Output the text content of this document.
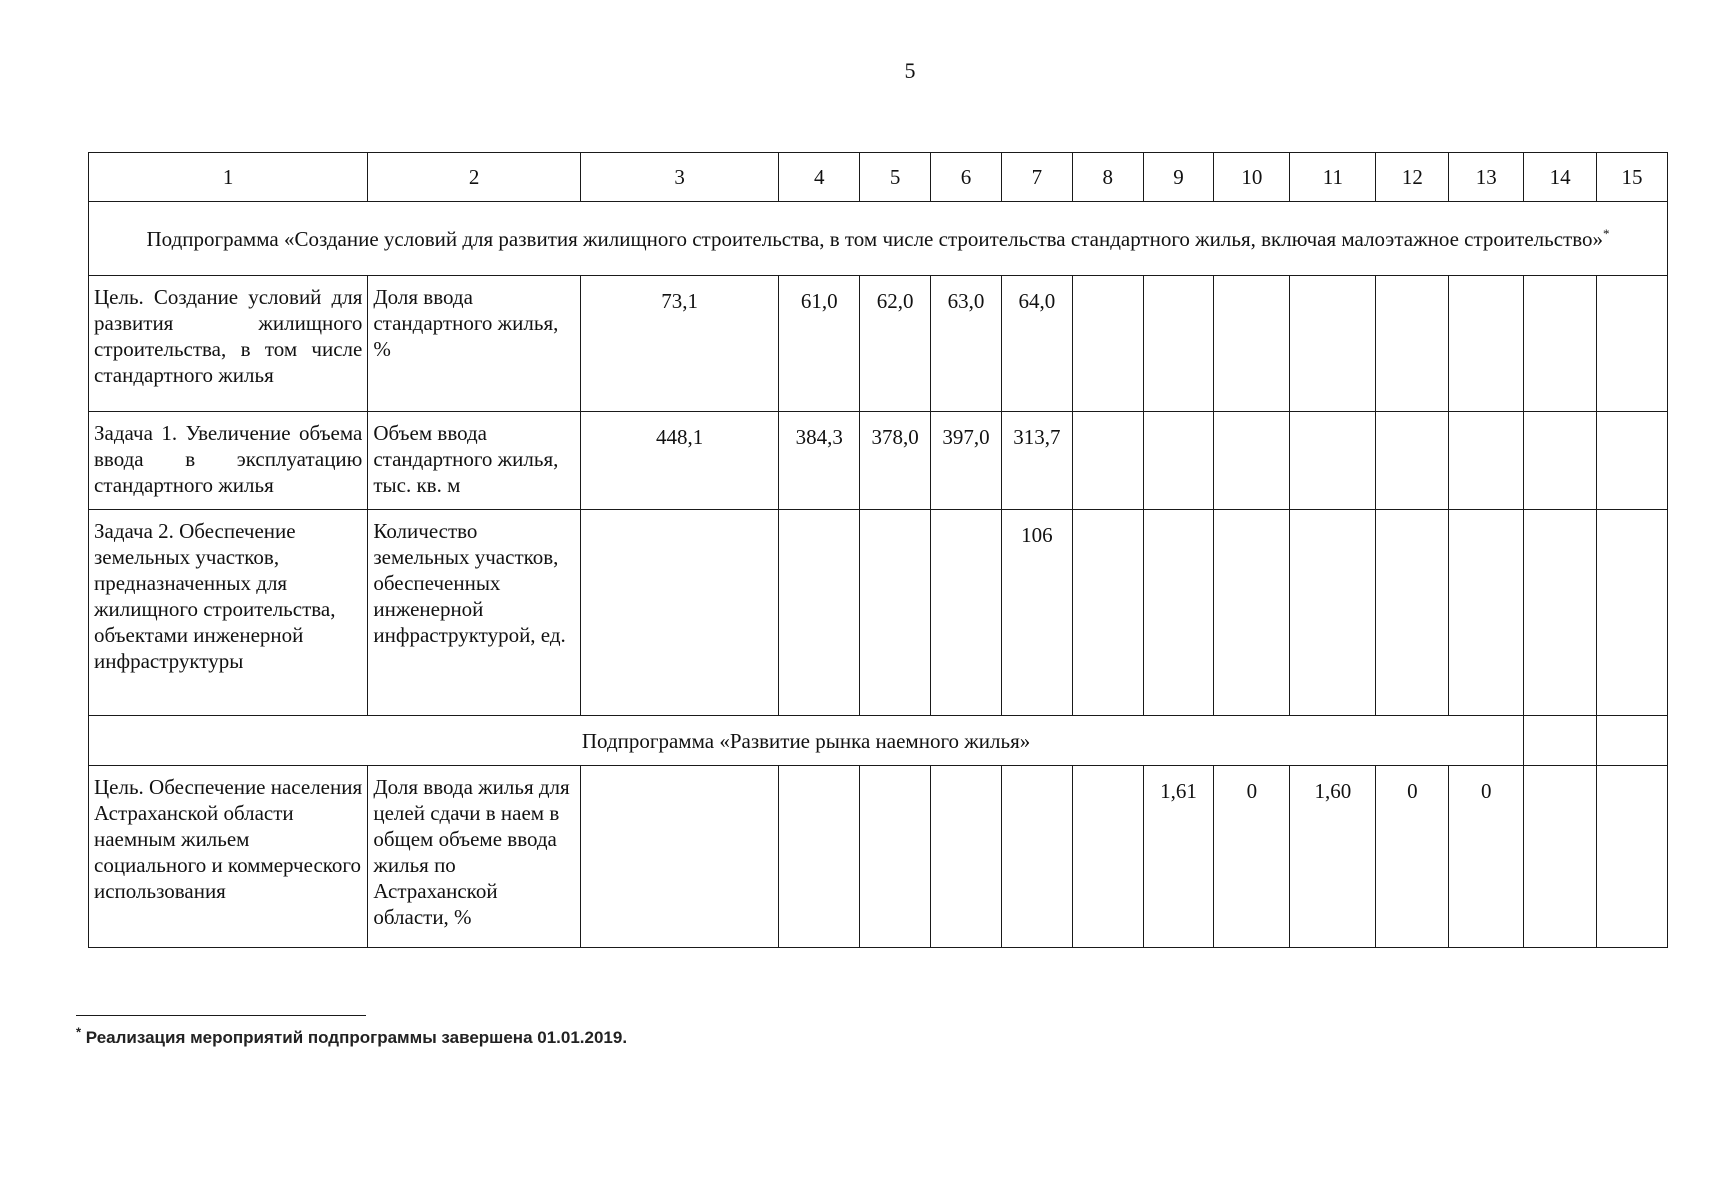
5
1	2	3	4	5	6	7	8	9	10	11	12	13	14	15
Подпрограмма «Создание условий для развития жилищного строительства, в том числе строительства стандартного жилья, включая малоэтажное строительство»*
Цель. Создание условий для развития жилищного строительства, в том числе стандартного жилья	Доля ввода стандартного жилья, %	73,1	61,0	62,0	63,0	64,0								
Задача 1. Увеличение объема ввода в эксплуатацию стандартного жилья	Объем ввода стандартного жилья, тыс. кв. м	448,1	384,3	378,0	397,0	313,7								
Задача 2. Обеспечение земельных участков, предназначенных для жилищного строительства, объектами инженерной инфраструктуры	Количество земельных участков, обеспеченных инженерной инфраструктурой, ед.					106								
Подпрограмма «Развитие рынка наемного жилья»														
Цель. Обеспечение населения Астраханской области наемным жильем социального и коммерческого использования	Доля ввода жилья для целей сдачи в наем в общем объеме ввода жилья по Астраханской области, %							1,61	0	1,60	0	0		
* Реализация мероприятий подпрограммы завершена 01.01.2019.
